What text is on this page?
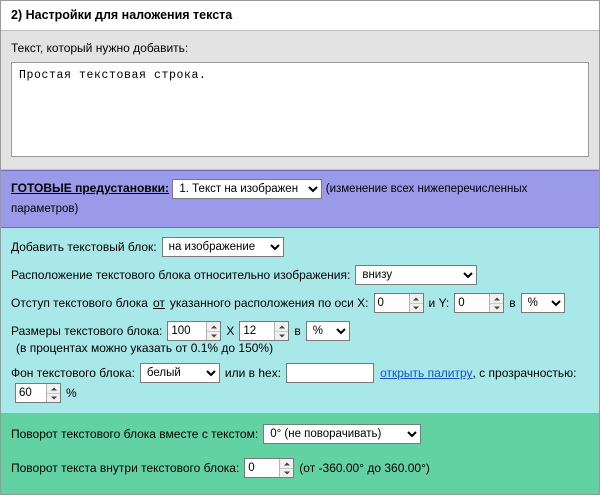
2) Настройки для наложения текста
Текст, который нужно добавить:
Простая текстовая строка.
ГОТОВЫЕ предустановки:
1. Текст на изображен	(изменение всех нижеперечисленных параметров)
Добавить текстовый блок:
на изображение
Расположение текстового блока относительно изображения:
внизу
Отступ текстового блока от указанного расположения по оси X:
0	и Y:
0	в
%
Размеры текстового блока:
100	X
12	в
%
(в процентах можно указать от 0.1% до 150%)
Фон текстового блока:
белый	или в hex:	открыть палитру , с прозрачностью:
60
%
Поворот текстового блока вместе с текстом:
0° (не поворачивать)
Поворот текста внутри текстового блока:
0	(от -360.00° до 360.00°)
